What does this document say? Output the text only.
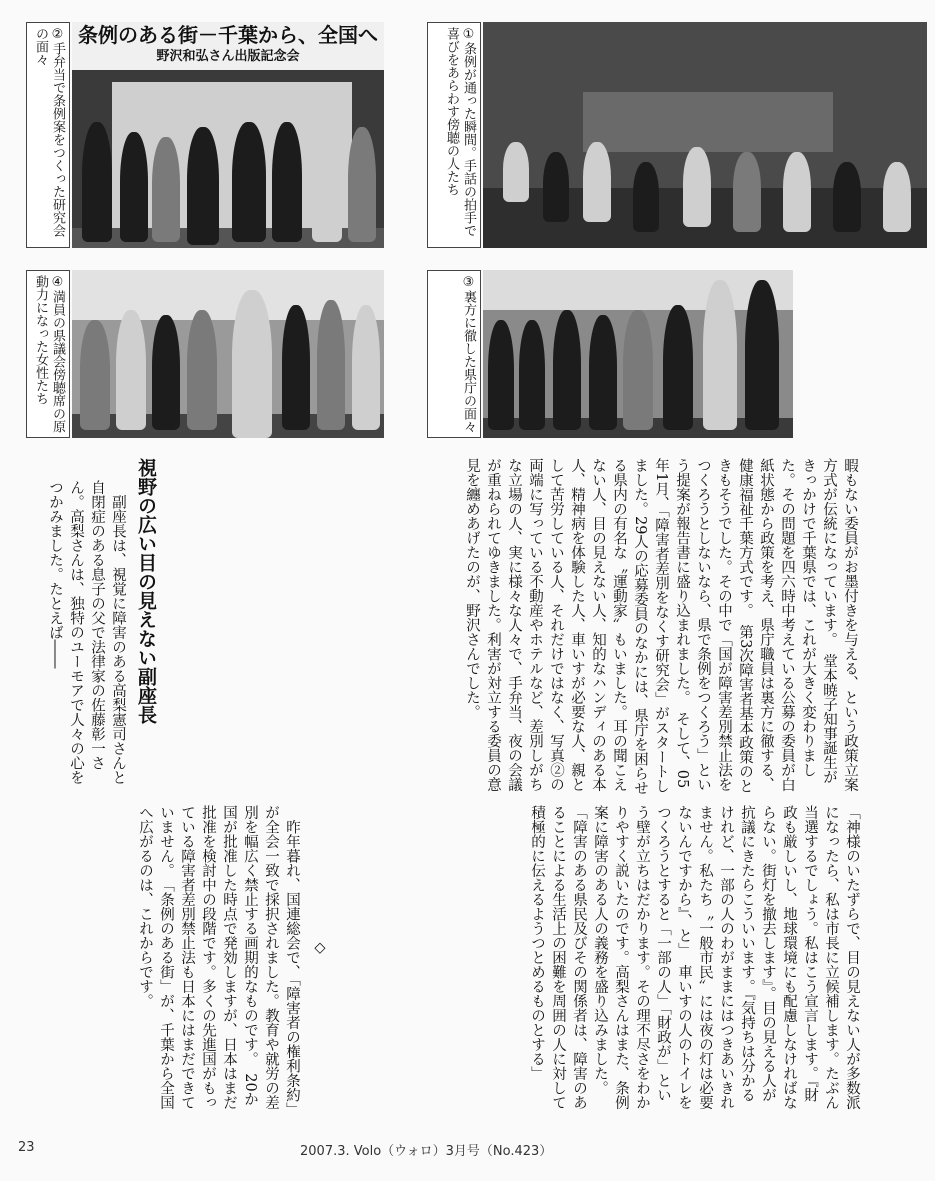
条例のある街－千葉から、全国へ
野沢和弘さん出版記念会
②手弁当で条例案をつくった研究会の面々	①条例が通った瞬間。手話の拍手で喜びをあらわす傍聴の人たち
④満員の県議会傍聴席の原動力になった女性たち	③裏方に徹した県庁の面々

暇もない委員がお墨付きを与える、という政策立案方式が伝統になっています。　堂本暁子知事誕生がきっかけで千葉県では、これが大きく変わりました。その問題を四六時中考えている公募の委員が白紙状態から政策を考え、県庁職員は裏方に徹する、健康福祉千葉方式です。　第3次障害者基本政策のときもそうでした。その中で「国が障害差別禁止法をつくろうとしないなら、県で条例をつくろう」という提案が報告書に盛り込まれました。　そして、05年1月、「障害者差別をなくす研究会」がスタートしました。29人の応募委員のなかには、県庁を困らせる県内の有名な〝運動家〟もいました。耳の聞こえない人、目の見えない人、知的なハンディのある本人、精神病を体験した人、車いすが必要な人、親として苦労している人、それだけではなく、写真②の両端に写っている不動産やホテルなど、差別しがちな立場の人、実に様々な人々で、手弁当、夜の会議が重ねられてゆきました。利害が対立する委員の意見を纏めあげたのが、野沢さんでした。

視野の広い目の見えない副座長

　副座長は、視覚に障害のある高梨憲司さんと自閉症のある息子の父で法律家の佐藤彰一さん。高梨さんは、独特のユーモアで人々の心をつかみました。たとえば――

「神様のいたずらで、目の見えない人が多数派になったら、私は市長に立候補します。たぶん当選するでしょう。私はこう宣言します。『財政も厳しいし、地球環境にも配慮しなければならない。街灯を撤去します』。目の見える人が抗議にきたらこういいます。『気持ちは分かるけれど、一部の人のわがままにはつきあいきれません。私たち〝一般市民〟には夜の灯は必要ないんですから』、と」　車いすの人のトイレをつくろうとすると「一部の人」「財政が」という壁が立ちはだかります。その理不尽さをわかりやすく説いたのです。高梨さんはまた、条例案に障害のある人の義務を盛り込みました。　「障害のある県民及びその関係者は、障害のあることによる生活上の困難を周囲の人に対して積極的に伝えるようつとめるものとする」

◇

　昨年暮れ、国連総会で、「障害者の権利条約」が全会一致で採択されました。教育や就労の差別を幅広く禁止する画期的なものです。　20か国が批准した時点で発効しますが、日本はまだ批准を検討中の段階です。多くの先進国がもっている障害者差別禁止法も日本にはまだできていません。　「条例のある街」が、千葉から全国へ広がるのは、これからです。

23	2007.3. Volo（ウォロ）3月号（No.423）
